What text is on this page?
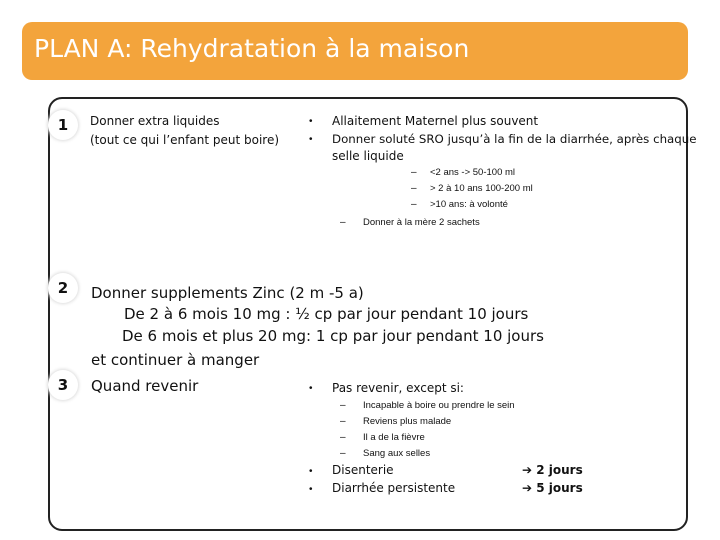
PLAN A: Rehydratation à la maison
1	Donner extra liquides
(tout ce qui l’enfant peut boire)
• Allaitement Maternel plus souvent
• Donner soluté SRO jusqu’à la fin de la diarrhée, après chaque
selle liquide
– <2 ans -> 50-100 ml
– > 2 à 10 ans 100-200 ml
– >10 ans: à volonté
– Donner à la mère 2 sachets
2	Donner supplements Zinc (2 m -5 a)
De 2 à 6 mois 10 mg : ½ cp par jour pendant 10 jours
De 6 mois et plus 20 mg: 1 cp par jour pendant 10 jours
et continuer à manger
3	Quand revenir	• Pas revenir, except si:
– Incapable à boire ou prendre le sein
– Reviens plus malade
– Il a de la fièvre
– Sang aux selles
• Disenterie	➔ 2 jours
• Diarrhée persistente	➔ 5 jours
